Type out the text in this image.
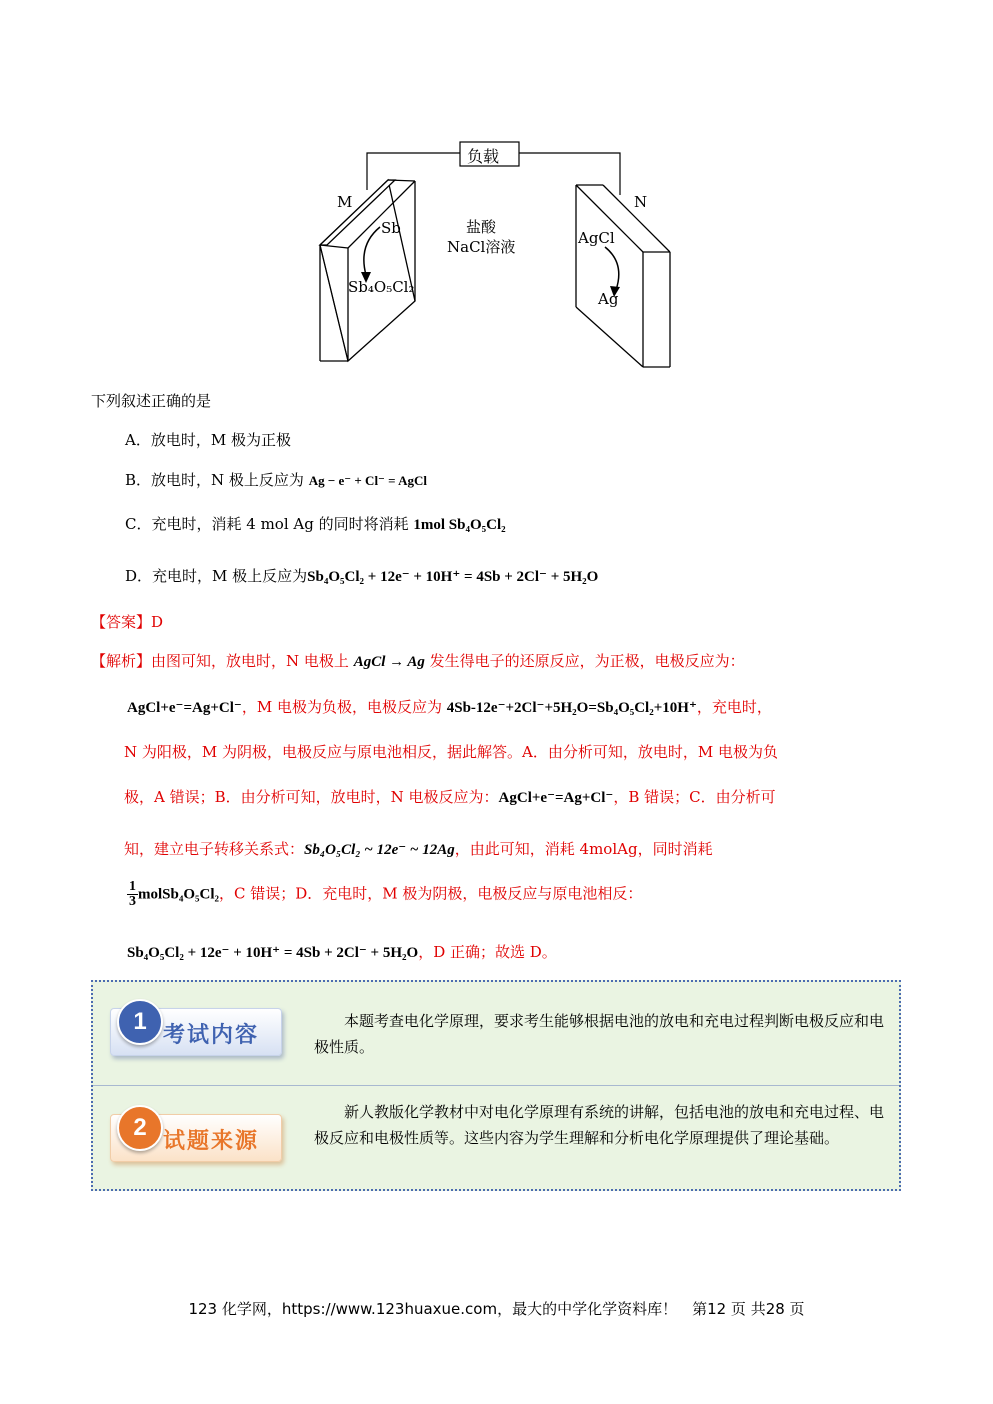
负载
M	N
Sb
Sb₄O₅Cl₂
AgCl
Ag
盐酸
NaCl溶液
下列叙述正确的是
A．放电时，M 极为正极
B．放电时，N 极上反应为 Ag − e⁻ + Cl⁻ = AgCl
C．充电时，消耗 4 mol Ag 的同时将消耗 1mol Sb₄O₅Cl₂
D．充电时，M 极上反应为Sb₄O₅Cl₂ + 12e⁻ + 10H⁺ = 4Sb + 2Cl⁻ + 5H₂O
【答案】D
【解析】由图可知，放电时，N 电极上 AgCl → Ag 发生得电子的还原反应，为正极，电极反应为：
AgCl+e⁻=Ag+Cl⁻，M 电极为负极，电极反应为 4Sb-12e⁻+2Cl⁻+5H₂O=Sb₄O₅Cl₂+10H⁺，充电时，
N 为阳极，M 为阴极，电极反应与原电池相反，据此解答。A．由分析可知，放电时，M 电极为负
极，A 错误；B．由分析可知，放电时，N 电极反应为：AgCl+e⁻=Ag+Cl⁻，B 错误；C．由分析可
知，建立电子转移关系式：Sb₄O₅Cl₂ ~ 12e⁻ ~ 12Ag，由此可知，消耗 4molAg，同时消耗
$\frac{1}{3}$ molSb₄O₅Cl₂，C 错误；D．充电时，M 极为阴极，电极反应与原电池相反：
Sb₄O₅Cl₂ + 12e⁻ + 10H⁺ = 4Sb + 2Cl⁻ + 5H₂O，D 正确；故选 D。
1
考试内容
本题考查电化学原理，要求考生能够根据电池的放电和充电过程判断电极反应和电极性质。
2
试题来源
新人教版化学教材中对电化学原理有系统的讲解，包括电池的放电和充电过程、电极反应和电极性质等。这些内容为学生理解和分析电化学原理提供了理论基础。
123 化学网，https://www.123huaxue.com，最大的中学化学资料库！　第12 页 共28 页
